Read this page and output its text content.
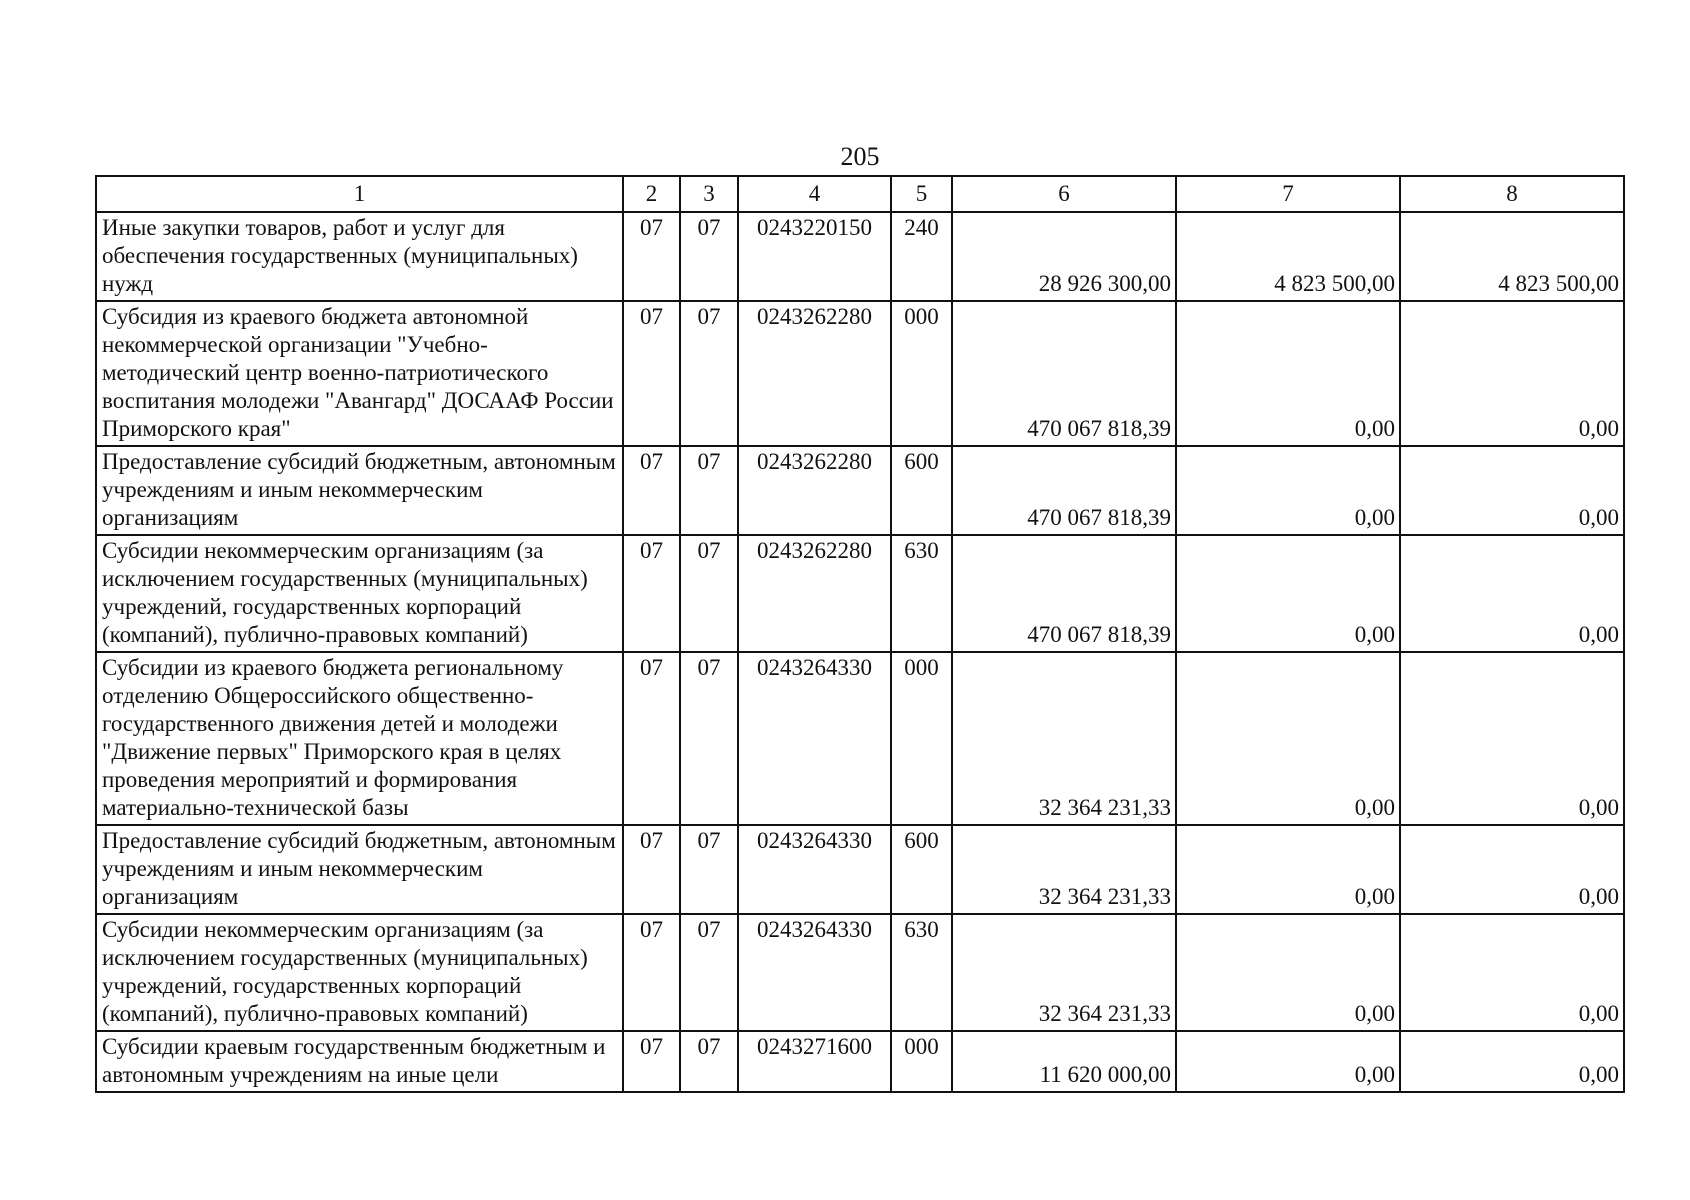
205
1	2	3	4	5	6	7	8
Иные закупки товаров, работ и услуг для обеспечения государственных (муниципальных) нужд	07	07	0243220150	240	28 926 300,00	4 823 500,00	4 823 500,00
Субсидия из краевого бюджета автономной некоммерческой организации "Учебно-методический центр военно-патриотического воспитания молодежи "Авангард" ДОСААФ России Приморского края"	07	07	0243262280	000	470 067 818,39	0,00	0,00
Предоставление субсидий бюджетным, автономным учреждениям и иным некоммерческим организациям	07	07	0243262280	600	470 067 818,39	0,00	0,00
Субсидии некоммерческим организациям (за исключением государственных (муниципальных) учреждений, государственных корпораций (компаний), публично-правовых компаний)	07	07	0243262280	630	470 067 818,39	0,00	0,00
Субсидии из краевого бюджета региональному отделению Общероссийского общественно-государственного движения детей и молодежи "Движение первых" Приморского края в целях проведения мероприятий и формирования материально-технической базы	07	07	0243264330	000	32 364 231,33	0,00	0,00
Предоставление субсидий бюджетным, автономным учреждениям и иным некоммерческим организациям	07	07	0243264330	600	32 364 231,33	0,00	0,00
Субсидии некоммерческим организациям (за исключением государственных (муниципальных) учреждений, государственных корпораций (компаний), публично-правовых компаний)	07	07	0243264330	630	32 364 231,33	0,00	0,00
Субсидии краевым государственным бюджетным и автономным учреждениям на иные цели	07	07	0243271600	000	11 620 000,00	0,00	0,00
